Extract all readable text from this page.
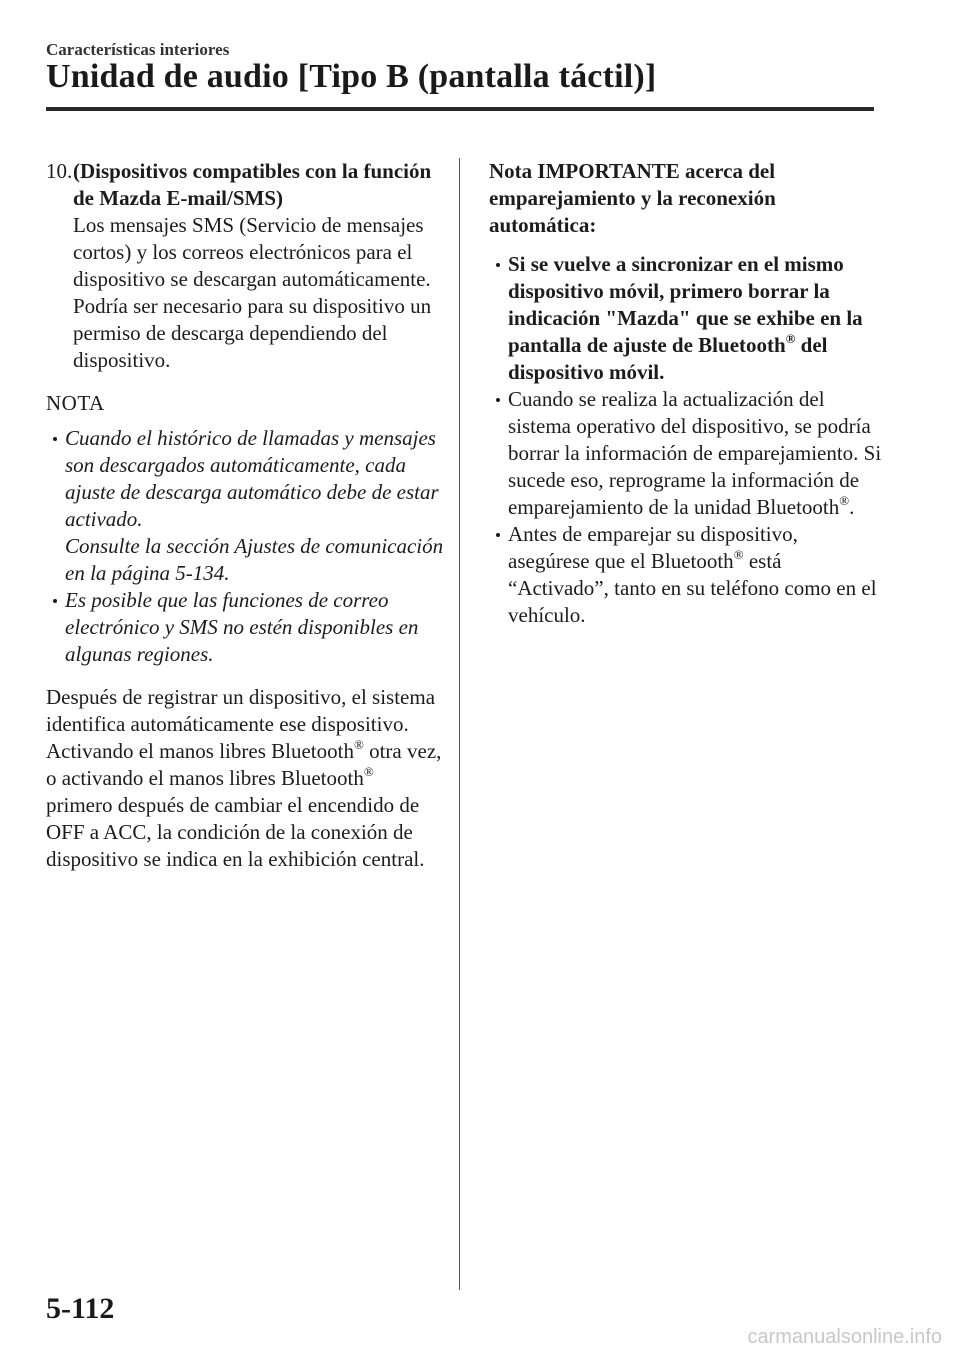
Características interiores
Unidad de audio [Tipo B (pantalla táctil)]
10. (Dispositivos compatibles con la función de Mazda E-mail/SMS)
Los mensajes SMS (Servicio de mensajes cortos) y los correos electrónicos para el dispositivo se descargan automáticamente. Podría ser necesario para su dispositivo un permiso de descarga dependiendo del dispositivo.
NOTA
Cuando el histórico de llamadas y mensajes son descargados automáticamente, cada ajuste de descarga automático debe de estar activado.
Consulte la sección Ajustes de comunicación en la página 5-134.
Es posible que las funciones de correo electrónico y SMS no estén disponibles en algunas regiones.
Después de registrar un dispositivo, el sistema identifica automáticamente ese dispositivo. Activando el manos libres Bluetooth® otra vez, o activando el manos libres Bluetooth® primero después de cambiar el encendido de OFF a ACC, la condición de la conexión de dispositivo se indica en la exhibición central.
Nota IMPORTANTE acerca del emparejamiento y la reconexión automática:
Si se vuelve a sincronizar en el mismo dispositivo móvil, primero borrar la indicación "Mazda" que se exhibe en la pantalla de ajuste de Bluetooth® del dispositivo móvil.
Cuando se realiza la actualización del sistema operativo del dispositivo, se podría borrar la información de emparejamiento. Si sucede eso, reprograme la información de emparejamiento de la unidad Bluetooth®.
Antes de emparejar su dispositivo, asegúrese que el Bluetooth® está “Activado”, tanto en su teléfono como en el vehículo.
5-112
carmanualsonline.info
